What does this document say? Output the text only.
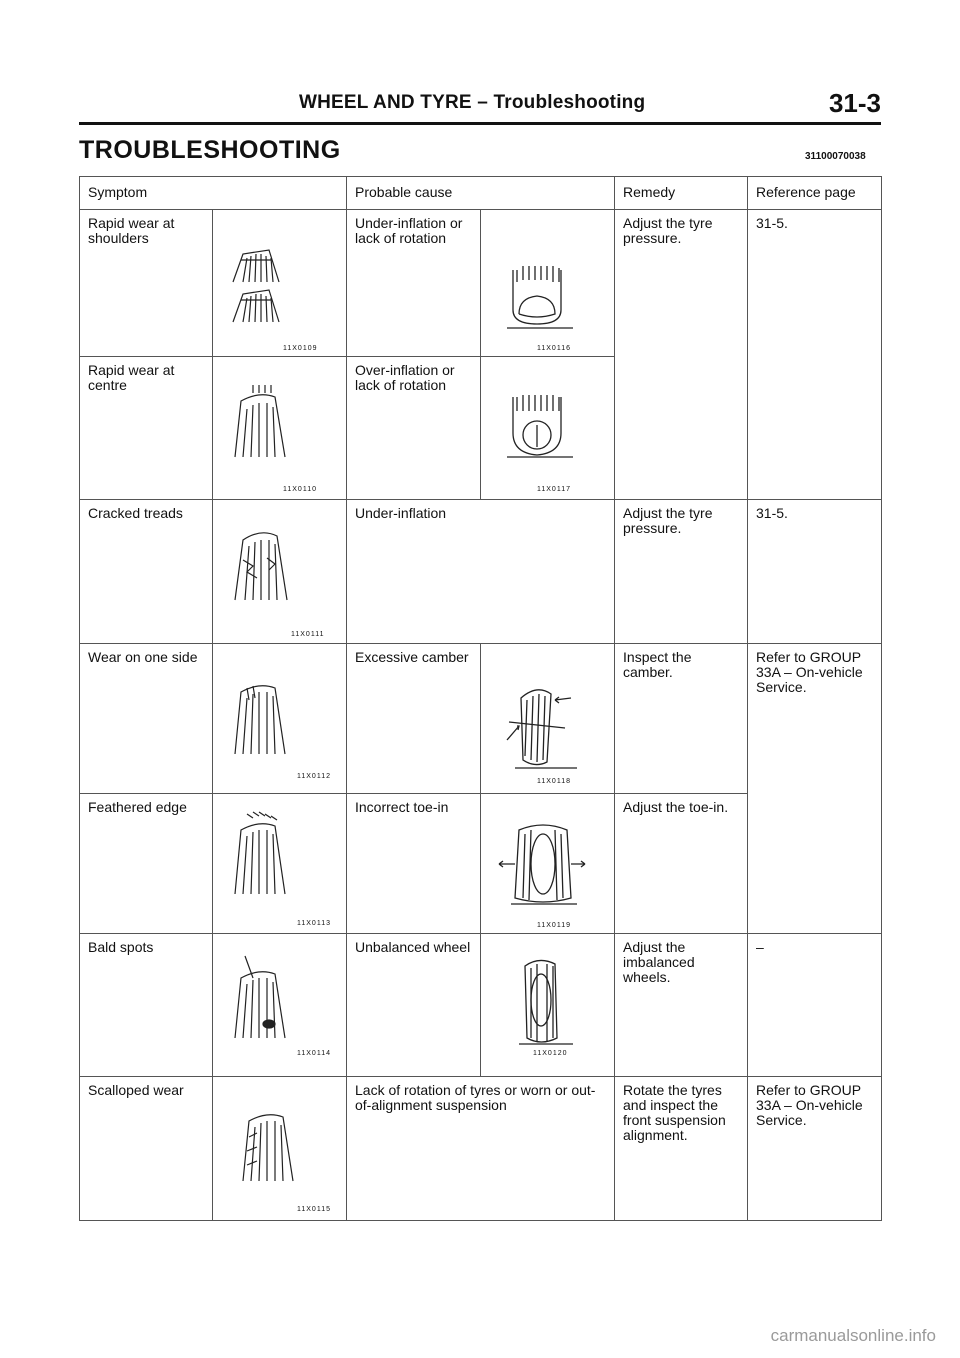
WHEEL AND TYRE – Troubleshooting	31-3
TROUBLESHOOTING	31100070038
Symptom		Probable cause		Remedy	Reference page
Rapid wear at shoulders	11X0109	Under-inflation or lack of rotation	11X0116	Adjust the tyre pressure.	31-5.
Rapid wear at centre	11X0110	Over-inflation or lack of rotation	11X0117		

Cracked treads	11X0111	Under-inflation		Adjust the tyre pressure.	31-5.
Wear on one side	11X0112	Excessive camber	11X0118	Inspect the camber.	Refer to GROUP 33A – On-vehicle Service.
Feathered edge	11X0113	Incorrect toe-in	11X0119	Adjust the toe-in.	
Bald spots	11X0114	Unbalanced wheel	11X0120	Adjust the imbalanced wheels.	–
Scalloped wear	11X0115	Lack of rotation of tyres or worn or out-of-alignment suspension		Rotate the tyres and inspect the front suspension alignment.	Refer to GROUP 33A – On-vehicle Service.
carmanualsonline.info
